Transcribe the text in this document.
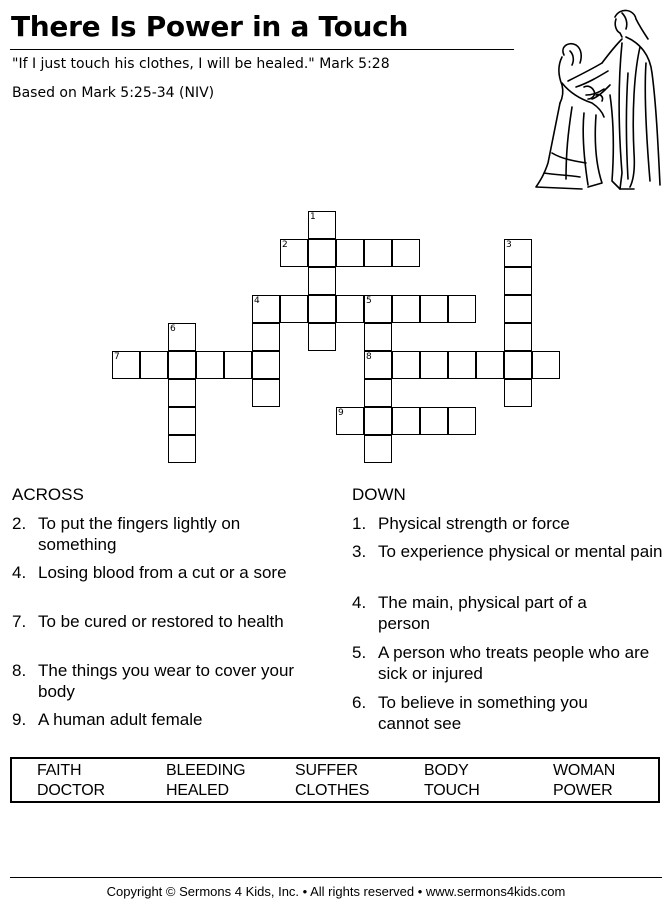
There Is Power in a Touch
"If I just touch his clothes, I will be healed." Mark 5:28
Based on Mark 5:25-34 (NIV)
1
2	3
4	5
8
6
7
9
ACROSS	DOWN
2. To put the fingers lightly on something
4. Losing blood from a cut or a sore
7. To be cured or restored to health
8. The things you wear to cover your body
9. A human adult female
1. Physical strength or force
3. To experience physical or mental pain
4. The main, physical part of a person
5. A person who treats people who are sick or injured
6. To believe in something you cannot see
FAITH	BLEEDING	SUFFER	BODY	WOMAN
DOCTOR	HEALED	CLOTHES	TOUCH	POWER
Copyright © Sermons 4 Kids, Inc. • All rights reserved • www.sermons4kids.com
